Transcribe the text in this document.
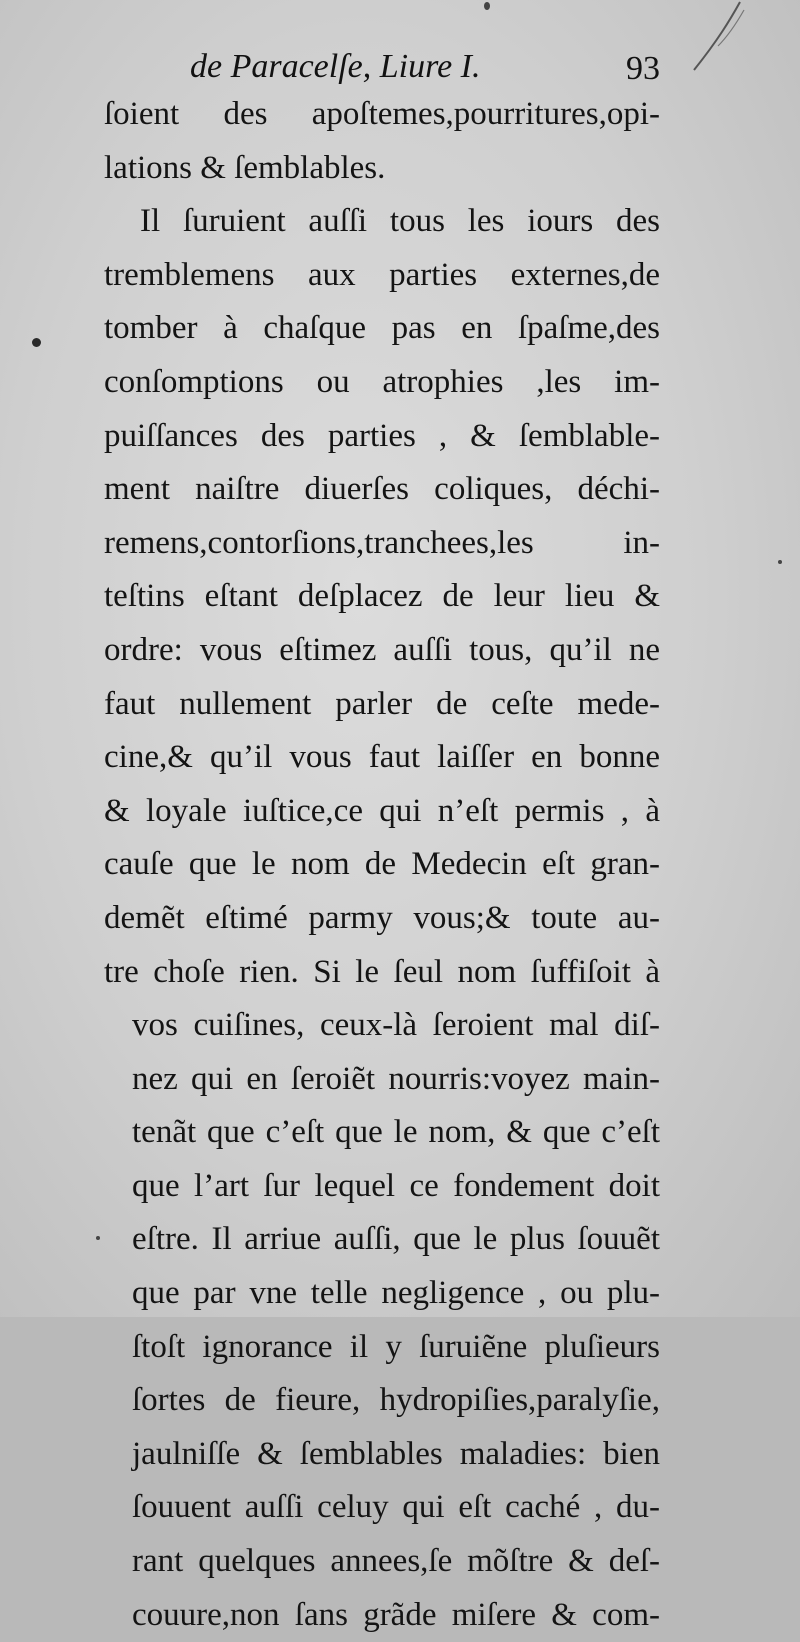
de Paracelſe, Liure I.	93
ſoient des apoſtemes,pourritures,opi-
lations & ſemblables.
Il ſuruient auſſi tous les iours des
tremblemens aux parties externes,de
tomber à chaſque pas en ſpaſme,des
conſomptions ou atrophies ,les im-
puiſſances des parties , & ſemblable-
ment naiſtre diuerſes coliques, déchi-
remens,contorſions,tranchees,les in-
teſtins eſtant deſplacez de leur lieu &
ordre: vous eſtimez auſſi tous, qu’il ne
faut nullement parler de ceſte mede-
cine,& qu’il vous faut laiſſer en bonne
& loyale iuſtice,ce qui n’eſt permis , à
cauſe que le nom de Medecin eſt gran-
demẽt eſtimé parmy vous;& toute au-
tre choſe rien. Si le ſeul nom ſuffiſoit à
vos cuiſines, ceux-là ſeroient mal diſ-
nez qui en ſeroiẽt nourris:voyez main-
tenãt que c’eſt que le nom, & que c’eſt
que l’art ſur lequel ce fondement doit
eſtre. Il arriue auſſi, que le plus ſouuẽt
que par vne telle negligence , ou plu-
ſtoſt ignorance il y ſuruiẽne pluſieurs
ſortes de fieure, hydropiſies,paralyſie,
jaulniſſe & ſemblables maladies: bien
ſouuent auſſi celuy qui eſt caché , du-
rant quelques annees,ſe mõſtre & deſ-
couure,non ſans grãde miſere & com-
